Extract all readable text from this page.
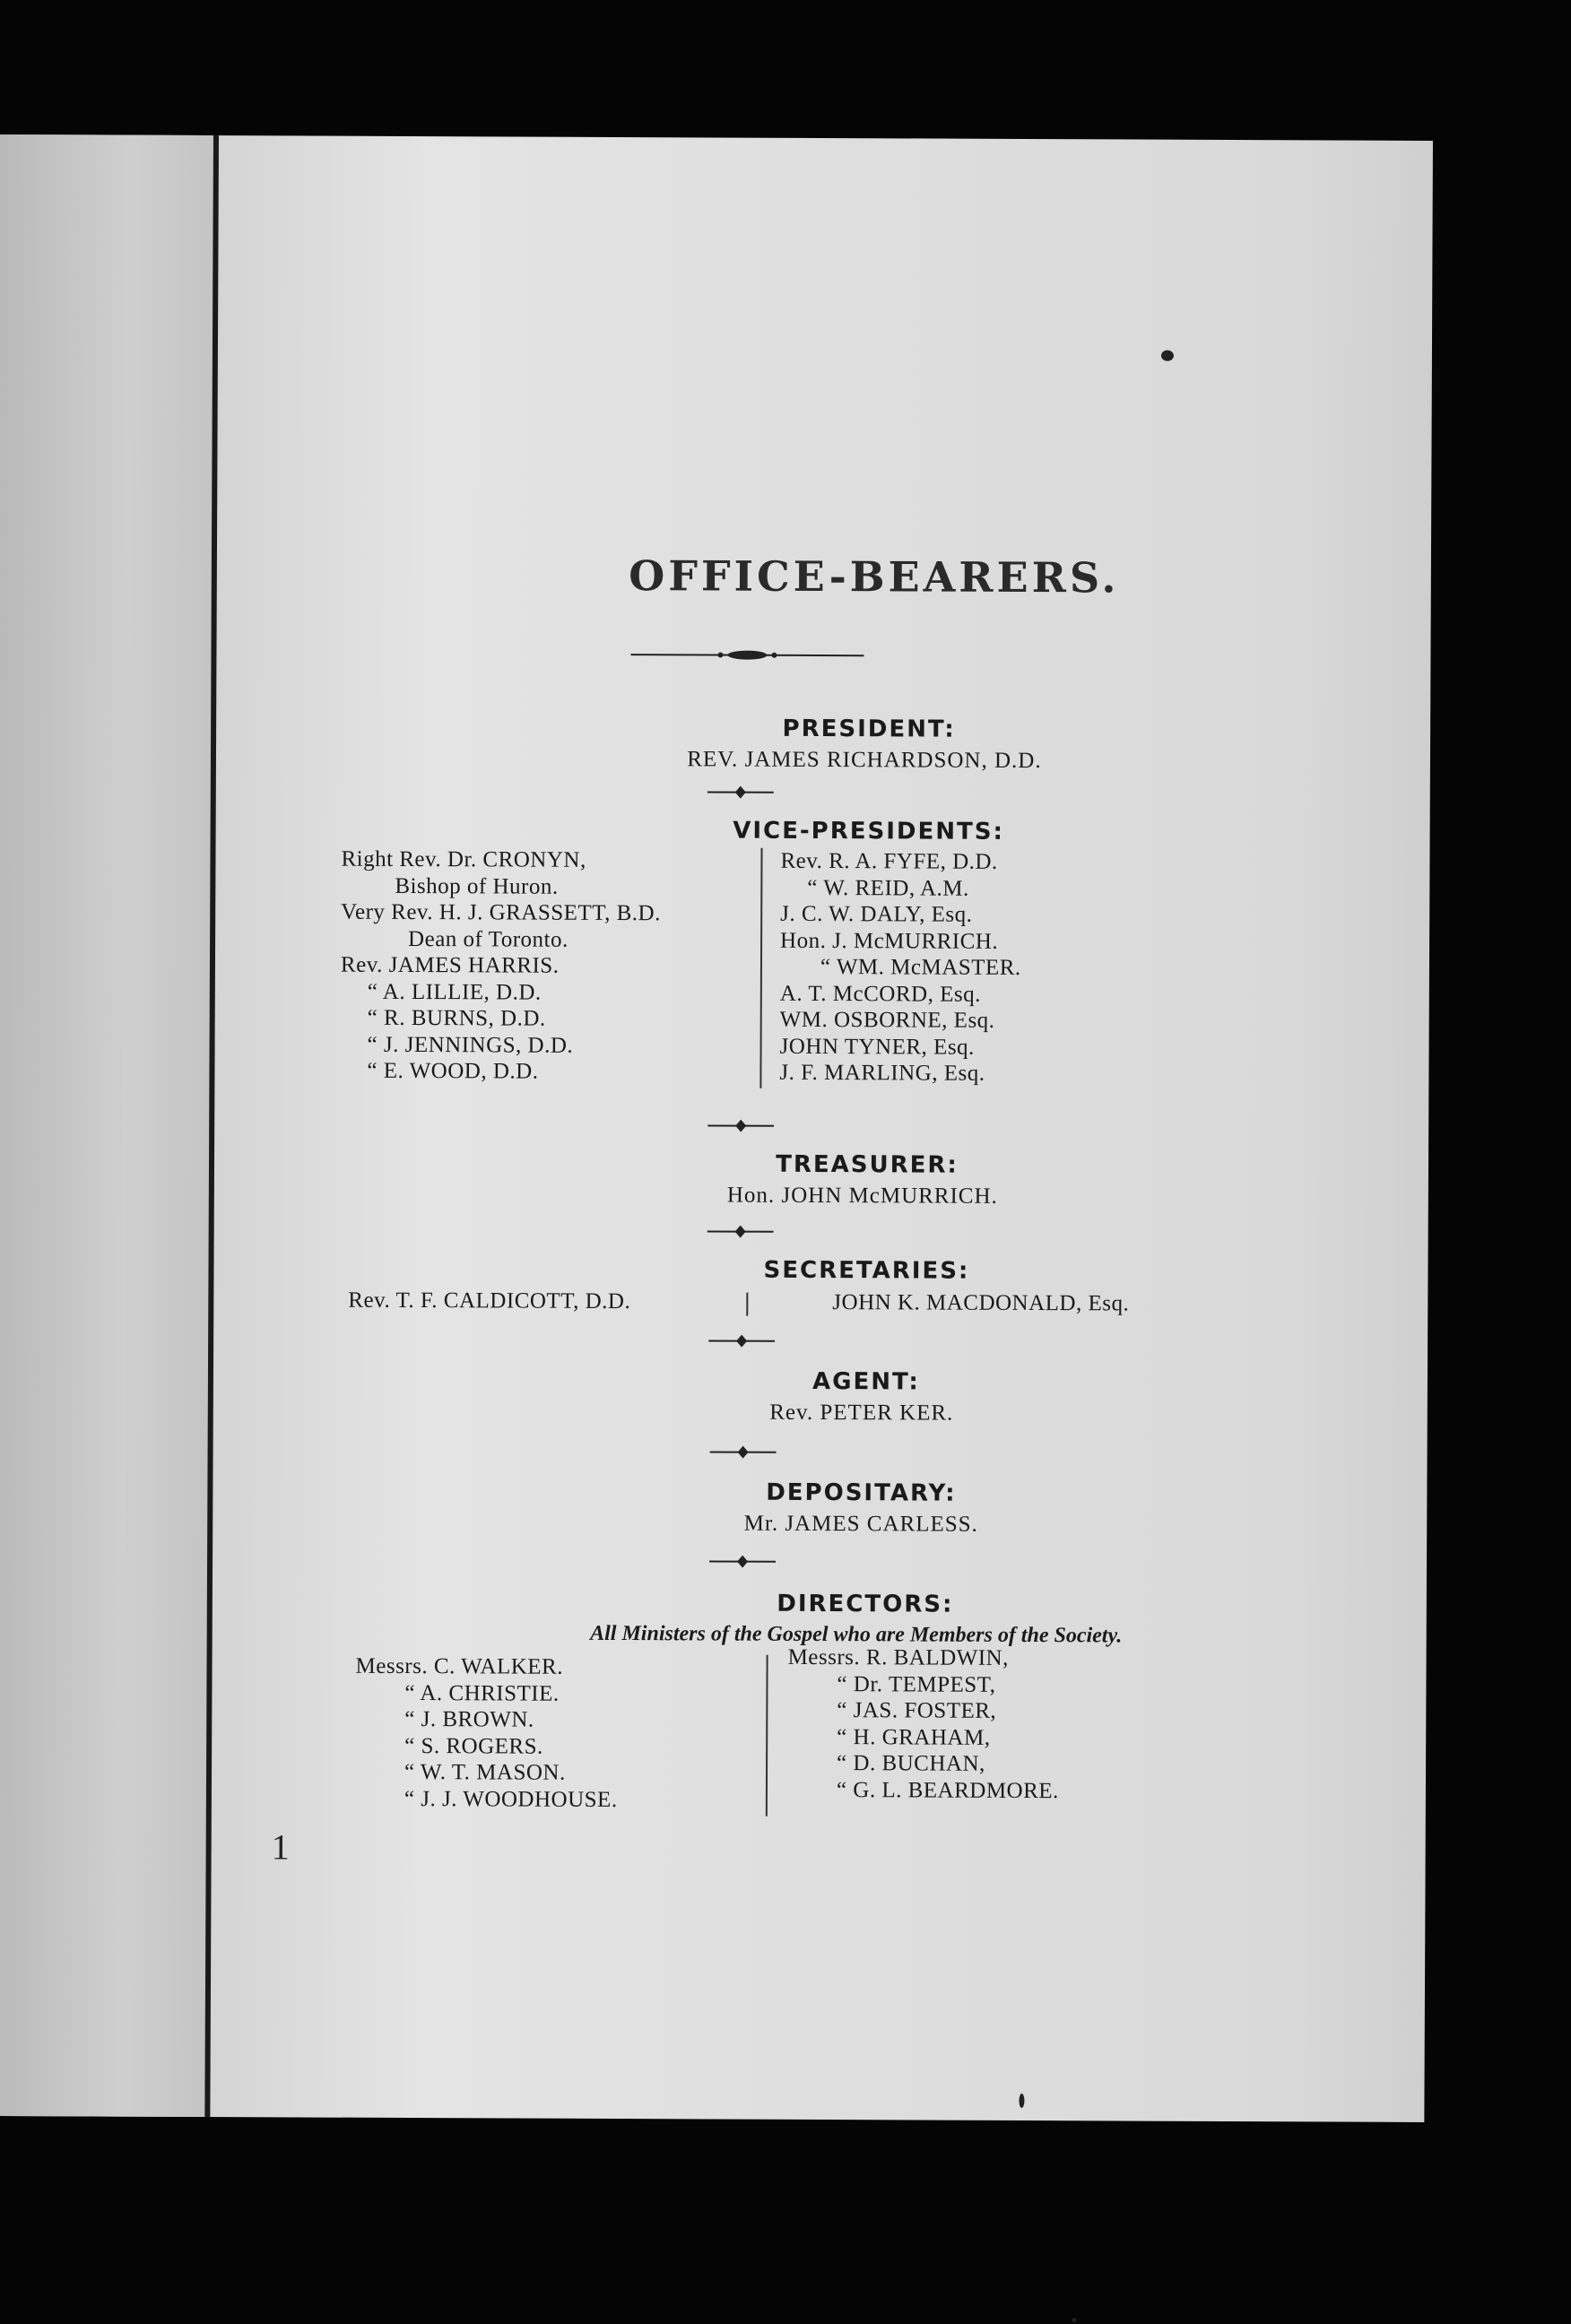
OFFICE-BEARERS.
PRESIDENT:
REV. JAMES RICHARDSON, D.D.
VICE-PRESIDENTS:
Right Rev. Dr. CRONYN,
Bishop of Huron.
Very Rev. H. J. GRASSETT, B.D.
Dean of Toronto.
Rev. JAMES HARRIS.
“ A. LILLIE, D.D.
“ R. BURNS, D.D.
“ J. JENNINGS, D.D.
“ E. WOOD, D.D.
Rev. R. A. FYFE, D.D.
“ W. REID, A.M.
J. C. W. DALY, Esq.
Hon. J. McMURRICH.
“ WM. McMASTER.
A. T. McCORD, Esq.
WM. OSBORNE, Esq.
JOHN TYNER, Esq.
J. F. MARLING, Esq.
TREASURER:
Hon. JOHN McMURRICH.
SECRETARIES:
Rev. T. F. CALDICOTT, D.D.	JOHN K. MACDONALD, Esq.
AGENT:
Rev. PETER KER.
DEPOSITARY:
Mr. JAMES CARLESS.
DIRECTORS:
All Ministers of the Gospel who are Members of the Society.
Messrs. C. WALKER.
“ A. CHRISTIE.
“ J. BROWN.
“ S. ROGERS.
“ W. T. MASON.
“ J. J. WOODHOUSE.
Messrs. R. BALDWIN,
“ Dr. TEMPEST,
“ JAS. FOSTER,
“ H. GRAHAM,
“ D. BUCHAN,
“ G. L. BEARDMORE.
1
